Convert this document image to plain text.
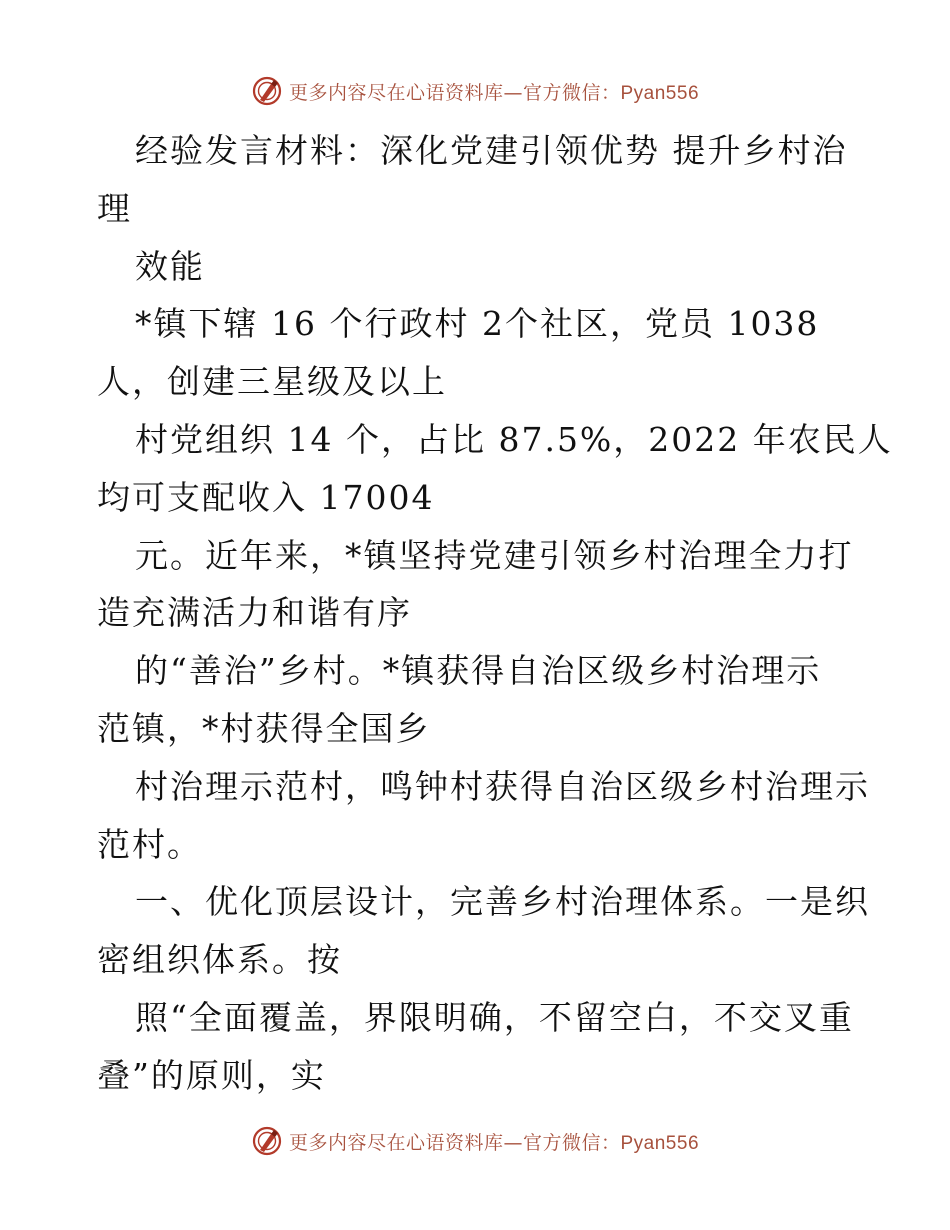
更多内容尽在心语资料库—官方微信：Pyan556
经验发言材料：深化党建引领优势 提升乡村治
理
效能
*镇下辖 16 个行政村 2个社区，党员 1038
人，创建三星级及以上
村党组织 14 个，占比 87.5%，2022 年农民人
均可支配收入 17004
元。近年来，*镇坚持党建引领乡村治理全力打
造充满活力和谐有序
的“善治”乡村。*镇获得自治区级乡村治理示
范镇，*村获得全国乡
村治理示范村，鸣钟村获得自治区级乡村治理示
范村。
一、优化顶层设计，完善乡村治理体系。一是织
密组织体系。按
照“全面覆盖，界限明确，不留空白，不交叉重
叠”的原则，实
更多内容尽在心语资料库—官方微信：Pyan556
